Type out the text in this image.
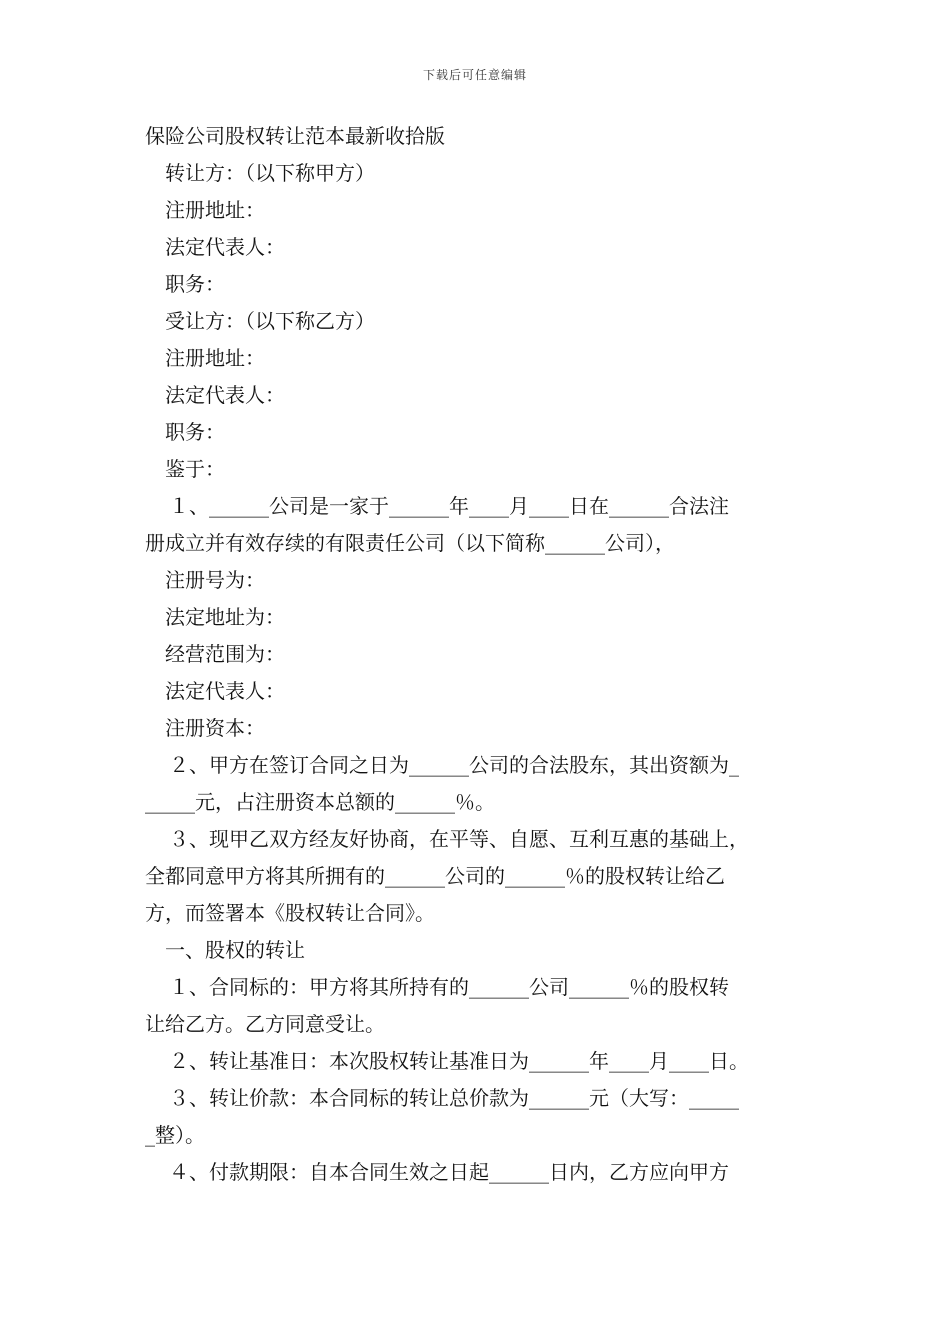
下载后可任意编辑
保险公司股权转让范本最新收拾版
转让方：（以下称甲方）
注册地址：
法定代表人：
职务：
受让方：（以下称乙方）
注册地址：
法定代表人：
职务：
鉴于：
１、______公司是一家于______年____月____日在______合法注
册成立并有效存续的有限责任公司（以下简称______公司），
注册号为：
法定地址为：
经营范围为：
法定代表人：
注册资本：
２、甲方在签订合同之日为______公司的合法股东，其出资额为_
_____元，占注册资本总额的______％。
３、现甲乙双方经友好协商，在平等、自愿、互利互惠的基础上，
全都同意甲方将其所拥有的______公司的______％的股权转让给乙
方，而签署本《股权转让合同》。
一、股权的转让
１、合同标的：甲方将其所持有的______公司______％的股权转
让给乙方。乙方同意受让。
２、转让基准日：本次股权转让基准日为______年____月____日。
３、转让价款：本合同标的转让总价款为______元（大写：_____
_整）。
４、付款期限：自本合同生效之日起______日内，乙方应向甲方
